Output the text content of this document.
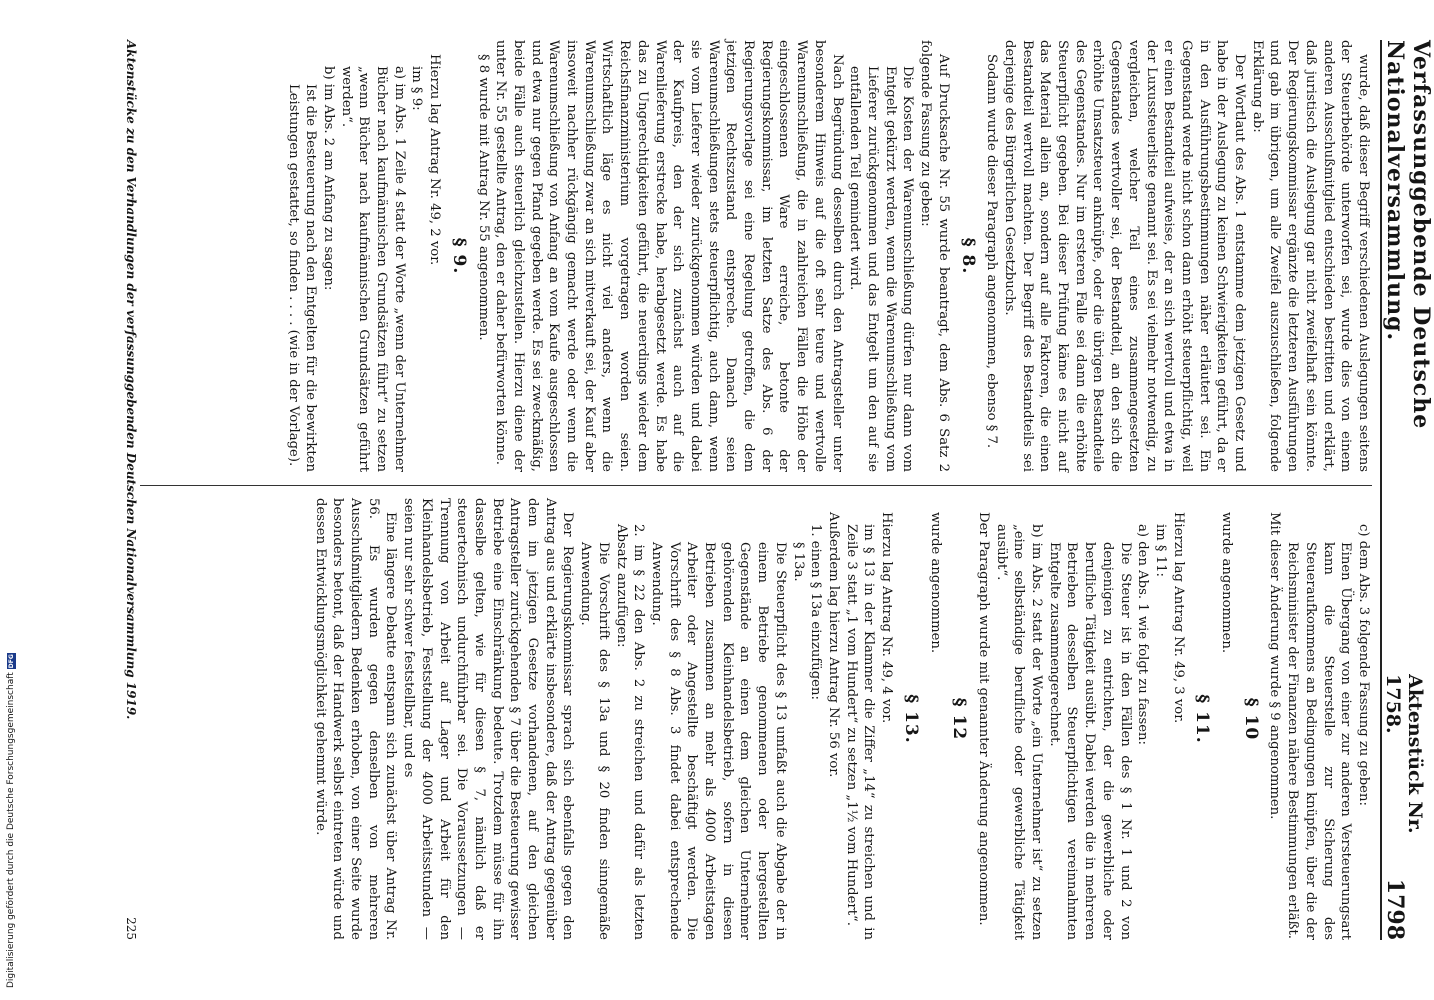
Verfassunggebende Deutsche Nationalversammlung.
Aktenstück Nr. 1758.
1798

wurde, daß dieser Begriff verschiedenen Auslegungen seitens der Steuerbehörde unterworfen sei, wurde dies von einem anderen Ausschußmitglied entschieden bestritten und erklärt, daß juristisch die Auslegung gar nicht zweifelhaft sein könnte. Der Regierungskommissar ergänzte die letzteren Ausführungen und gab im übrigen, um alle Zweifel auszuschließen, folgende Erklärung ab:

Der Wortlaut des Abs. 1 entstamme dem jetzigen Gesetz und habe in der Auslegung zu keinen Schwierigkeiten geführt, da er in den Ausführungsbestimmungen näher erläutert sei. Ein Gegenstand werde nicht schon dann erhöht steuerpflichtig, weil er einen Bestandteil aufweise, der an sich wertvoll und etwa in der Luxussteuerliste genannt sei. Es sei vielmehr notwendig, zu vergleichen, welcher Teil eines zusammengesetzten Gegenstandes wertvoller sei, der Bestandteil, an den sich die erhöhte Umsatzsteuer anknüpfe, oder die übrigen Bestandteile des Gegenstandes. Nur im ersteren Falle sei dann die erhöhte Steuerpflicht gegeben. Bei dieser Prüfung käme es nicht auf das Material allein an, sondern auf alle Faktoren, die einen Bestandteil wertvoll machten. Der Begriff des Bestandteils sei derjenige des Bürgerlichen Gesetzbuchs.

Sodann wurde dieser Paragraph angenommen, ebenso § 7.

§ 8.

Auf Drucksache Nr. 55 wurde beantragt, dem Abs. 6 Satz 2 folgende Fassung zu geben:

Die Kosten der Warenumschließung dürfen nur dann vom Entgelt gekürzt werden, wenn die Warenumschließung vom Lieferer zurückgenommen und das Entgelt um den auf sie entfallenden Teil gemindert wird.

Nach Begründung desselben durch den Antragsteller unter besonderem Hinweis auf die oft sehr teure und wertvolle Warenumschließung, die in zahlreichen Fällen die Höhe der eingeschlossenen Ware erreiche, betonte der Regierungskommissar, im letzten Satze des Abs. 6 der Regierungsvorlage sei eine Regelung getroffen, die dem jetzigen Rechtszustand entspreche. Danach seien Warenumschließungen stets steuerpflichtig, auch dann, wenn sie vom Lieferer wieder zurückgenommen würden und dabei der Kaufpreis, den der sich zunächst auch auf die Warenlieferung erstrecke habe, herabgesetzt werde. Es habe das zu Ungerechtigkeiten geführt, die neuerdings wieder dem Reichsfinanzministerium vorgetragen worden seien. Wirtschaftlich läge es nicht viel anders, wenn die Warenumschließung zwar an sich mitverkauft sei, der Kauf aber insoweit nachher rückgängig gemacht werde oder wenn die Warenumschließung von Anfang an vom Kaufe ausgeschlossen und etwa nur gegen Pfand gegeben werde. Es sei zweckmäßig, beide Fälle auch steuerlich gleichzustellen. Hierzu diene der unter Nr. 55 gestellte Antrag, den er daher befürworten könne.

§ 8 wurde mit Antrag Nr. 55 angenommen.

§ 9.

Hierzu lag Antrag Nr. 49, 2 vor.

im § 9:

a) im Abs. 1 Zeile 4 statt der Worte „wenn der Unternehmer Bücher nach kaufmännischen Grundsätzen führt“ zu setzen „wenn Bücher nach kaufmännischen Grundsätzen geführt werden“.

b) im Abs. 2 am Anfang zu sagen:

Ist die Besteuerung nach den Entgelten für die bewirkten Leistungen gestattet, so finden . . . . (wie in der Vorlage).

c) dem Abs. 3 folgende Fassung zu geben:

Einen Übergang von einer zur anderen Versteuerungsart kann die Steuerstelle zur Sicherung des Steueraufkommens an Bedingungen knüpfen, über die der Reichsminister der Finanzen nähere Bestimmungen erläßt.

Mit dieser Änderung wurde § 9 angenommen.

§ 10

wurde angenommen.

§ 11.

Hierzu lag Antrag Nr. 49, 3 vor.

im § 11:

a) den Abs. 1 wie folgt zu fassen:

Die Steuer ist in den Fällen des § 1 Nr. 1 und 2 von denjenigen zu entrichten, der die gewerbliche oder berufliche Tätigkeit ausübt. Dabei werden die in mehreren Betrieben desselben Steuerpflichtigen vereinnahmten Entgelte zusammengerechnet.

b) im Abs. 2 statt der Worte „ein Unternehmer ist“ zu setzen „eine selbständige berufliche oder gewerbliche Tätigkeit ausübt“.

Der Paragraph wurde mit genannter Änderung angenommen.

§ 12

wurde angenommen.

§ 13.

Hierzu lag Antrag Nr. 49, 4 vor.

im § 13 in der Klammer die Ziffer „14“ zu streichen und in Zeile 3 statt „1 vom Hundert“ zu setzen „1½ vom Hundert“.

Außerdem lag hierzu Antrag Nr. 56 vor.

1. einen § 13a einzufügen:

§ 13a.

Die Steuerpflicht des § 13 umfaßt auch die Abgabe der in einem Betriebe genommenen oder hergestellten Gegenstände an einen dem gleichen Unternehmer gehörenden Kleinhandelsbetrieb, sofern in diesen Betrieben zusammen an mehr als 4000 Arbeitstagen Arbeiter oder Angestellte beschäftigt werden. Die Vorschrift des § 8 Abs. 3 findet dabei entsprechende Anwendung.

2. im § 22 den Abs. 2 zu streichen und dafür als letzten Absatz anzufügen:

Die Vorschrift des § 13a und § 20 finden sinngemäße Anwendung.

Der Regierungskommissar sprach sich ebenfalls gegen den Antrag aus und erklärte insbesondere, daß der Antrag gegenüber dem im jetzigen Gesetze vorhandenen, auf den gleichen Antragsteller zurückgehenden § 7 über die Besteuerung gewisser Betriebe eine Einschränkung bedeute. Trotzdem müsse für ihn dasselbe gelten, wie für diesen § 7, nämlich daß er steuertechnisch undurchführbar sei. Die Voraussetzungen — Trennung von Arbeit auf Lager und Arbeit für den Kleinhandelsbetrieb, Feststellung der 4000 Arbeitsstunden — seien nur sehr schwer feststellbar, und es

Eine längere Debatte entspann sich zunächst über Antrag Nr. 56. Es wurden gegen denselben von mehreren Ausschußmitgliedern Bedenken erhoben, von einer Seite wurde besonders betont, daß der Handwerk selbst eintreten würde und dessen Entwicklungsmöglichkeit gehemmt würde.

Aktenstücke zu den Verhandlungen der verfassunggebenden Deutschen Nationalversammlung 1919.
225
Digitalisierung gefördert durch die Deutsche Forschungsgemeinschaft
DFG
